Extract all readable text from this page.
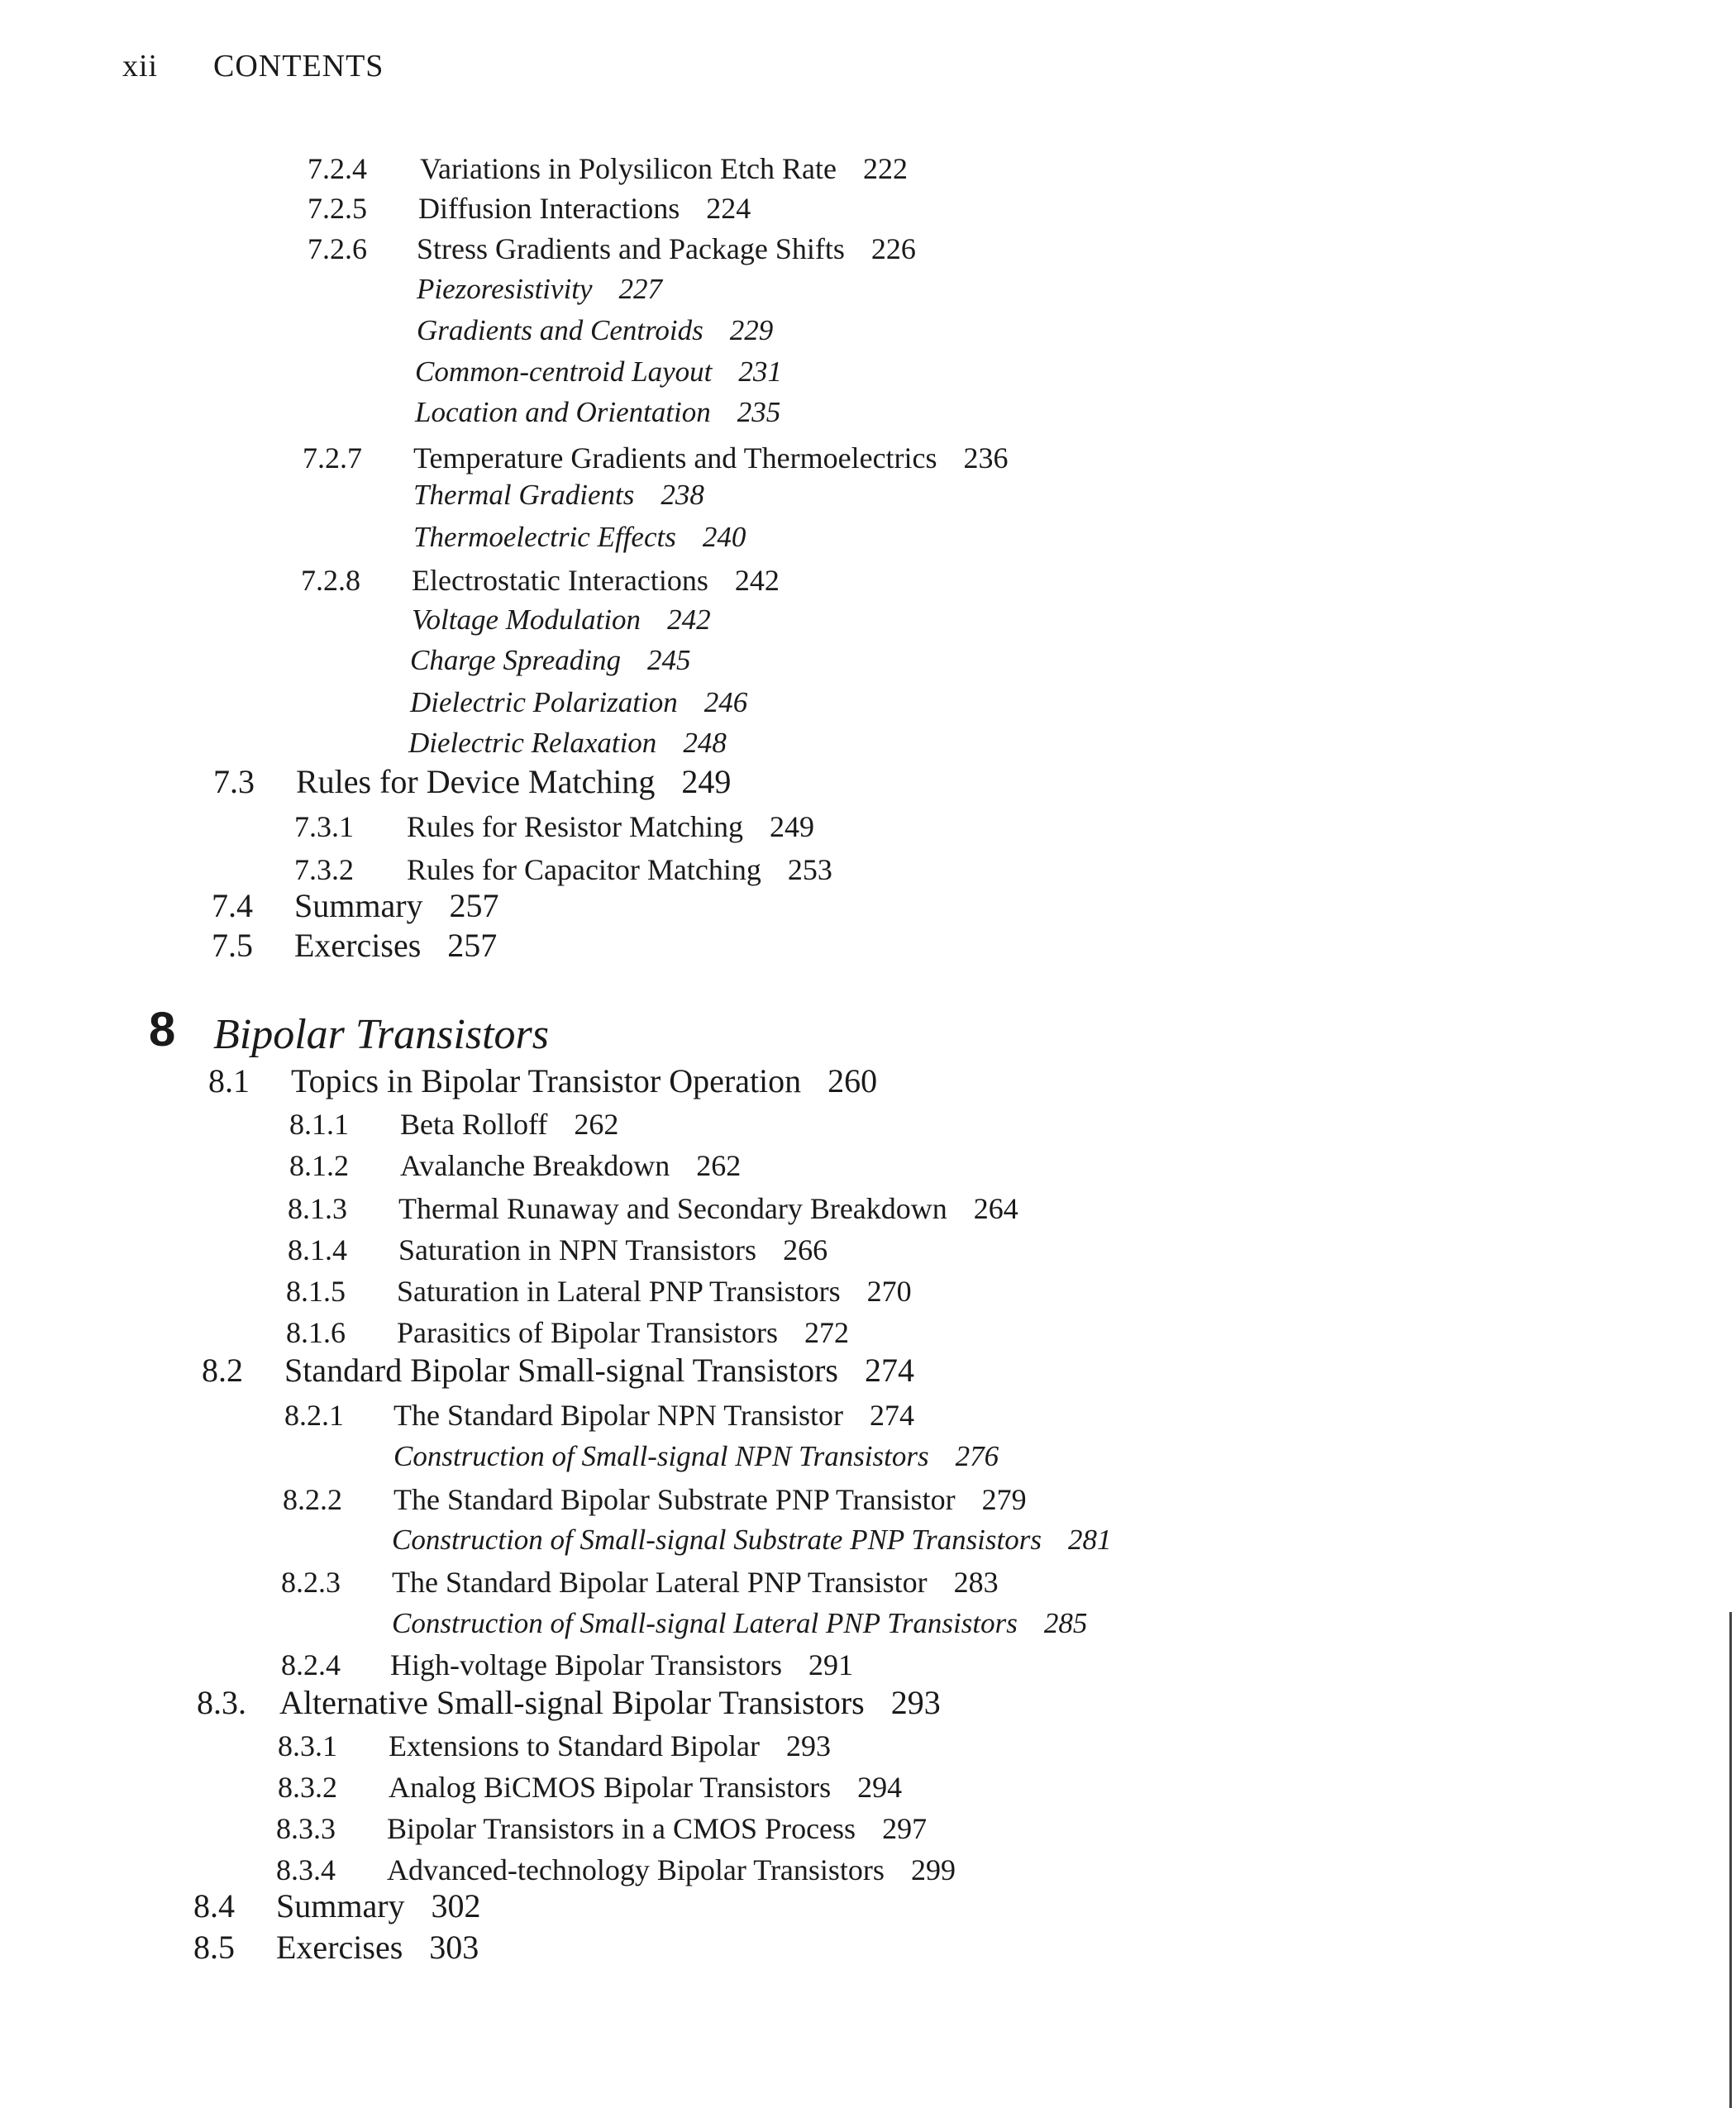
xii CONTENTS
7.2.4 Variations in Polysilicon Etch Rate 222
7.2.5 Diffusion Interactions 224
7.2.6 Stress Gradients and Package Shifts 226
Piezoresistivity 227
Gradients and Centroids 229
Common-centroid Layout 231
Location and Orientation 235
7.2.7 Temperature Gradients and Thermoelectrics 236
Thermal Gradients 238
Thermoelectric Effects 240
7.2.8 Electrostatic Interactions 242
Voltage Modulation 242
Charge Spreading 245
Dielectric Polarization 246
Dielectric Relaxation 248
7.3 Rules for Device Matching 249
7.3.1 Rules for Resistor Matching 249
7.3.2 Rules for Capacitor Matching 253
7.4 Summary 257
7.5 Exercises 257
8 Bipolar Transistors
8.1 Topics in Bipolar Transistor Operation 260
8.1.1 Beta Rolloff 262
8.1.2 Avalanche Breakdown 262
8.1.3 Thermal Runaway and Secondary Breakdown 264
8.1.4 Saturation in NPN Transistors 266
8.1.5 Saturation in Lateral PNP Transistors 270
8.1.6 Parasitics of Bipolar Transistors 272
8.2 Standard Bipolar Small-signal Transistors 274
8.2.1 The Standard Bipolar NPN Transistor 274
Construction of Small-signal NPN Transistors 276
8.2.2 The Standard Bipolar Substrate PNP Transistor 279
Construction of Small-signal Substrate PNP Transistors 281
8.2.3 The Standard Bipolar Lateral PNP Transistor 283
Construction of Small-signal Lateral PNP Transistors 285
8.2.4 High-voltage Bipolar Transistors 291
8.3. Alternative Small-signal Bipolar Transistors 293
8.3.1 Extensions to Standard Bipolar 293
8.3.2 Analog BiCMOS Bipolar Transistors 294
8.3.3 Bipolar Transistors in a CMOS Process 297
8.3.4 Advanced-technology Bipolar Transistors 299
8.4 Summary 302
8.5 Exercises 303
